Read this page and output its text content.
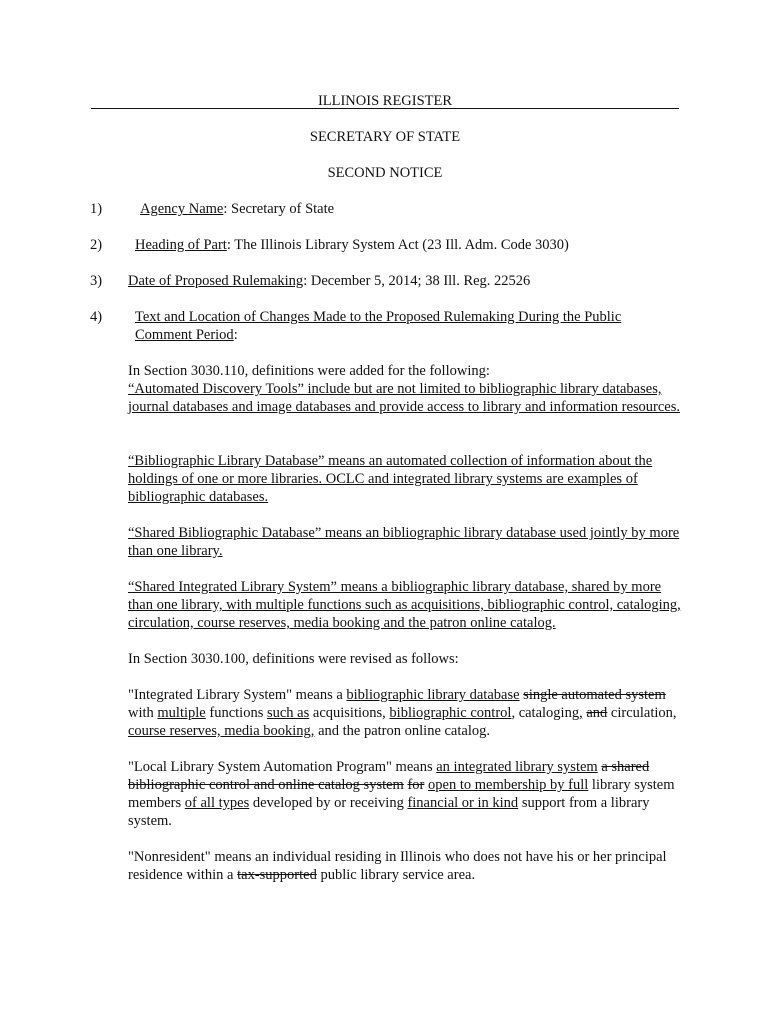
ILLINOIS REGISTER
SECRETARY OF STATE
SECOND NOTICE
1)	Agency Name: Secretary of State
2) Heading of Part: The Illinois Library System Act (23 Ill. Adm. Code 3030)
3) Date of Proposed Rulemaking: December 5, 2014; 38 Ill. Reg. 22526
4) Text and Location of Changes Made to the Proposed Rulemaking During the Public
Comment Period:

In Section 3030.110, definitions were added for the following:

“Automated Discovery Tools” include but are not limited to bibliographic library databases, journal databases and image databases and provide access to library and information resources.

“Bibliographic Library Database” means an automated collection of information about the holdings of one or more libraries. OCLC and integrated library systems are examples of bibliographic databases.

“Shared Bibliographic Database” means an bibliographic library database used jointly by more than one library.

“Shared Integrated Library System” means a bibliographic library database, shared by more than one library, with multiple functions such as acquisitions, bibliographic control, cataloging, circulation, course reserves, media booking and the patron online catalog.

In Section 3030.100, definitions were revised as follows:

"Integrated Library System" means a bibliographic library database single automated system with multiple functions such as acquisitions, bibliographic control, cataloging, and circulation, course reserves, media booking, and the patron online catalog.

"Local Library System Automation Program" means an integrated library system a shared bibliographic control and online catalog system for open to membership by full library system members of all types developed by or receiving financial or in kind support from a library system.

"Nonresident" means an individual residing in Illinois who does not have his or her principal residence within a tax-supported public library service area.
